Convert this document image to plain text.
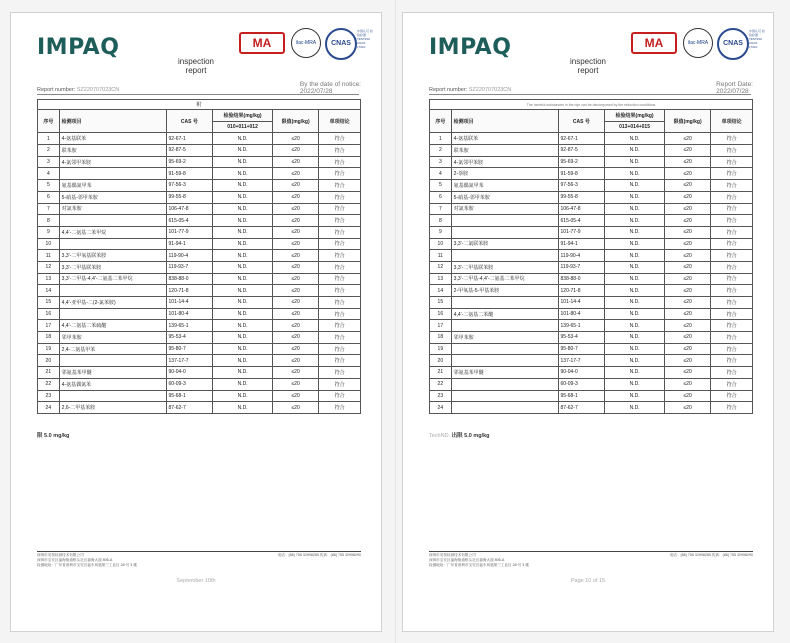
IMPAQ	MA	ilac-MRA	CNAS
中国认可 检验检测 TESTING CNAS L7610
inspection
report
Report number: SZ220707023CN
By the date of notice:
2022/07/28
附					
序号	检测项目	CAS 号	检验结果(mg/kg)	限值(mg/kg)	单项结论
			010+011+012		
1	4-氨基联苯	92-67-1	N.D.	≤20	符合
2	联苯胺	92-87-5	N.D.	≤20	符合
3	4-氯邻甲苯胺	95-69-2	N.D.	≤20	符合
4		91-59-8	N.D.	≤20	符合
5	氨基偶氮甲苯	97-56-3	N.D.	≤20	符合
6	5-硝基-邻甲苯胺	99-55-8	N.D.	≤20	符合
7	对氯苯胺	106-47-8	N.D.	≤20	符合
8		615-05-4	N.D.	≤20	符合
9	4,4'-二氨基二苯甲烷	101-77-9	N.D.	≤20	符合
10		91-94-1	N.D.	≤20	符合
11	3,3'-二甲氧基联苯胺	119-90-4	N.D.	≤20	符合
12	3,3'-二甲基联苯胺	119-93-7	N.D.	≤20	符合
13	3,3'-二甲基-4,4'-二氨基二苯甲烷	838-88-0	N.D.	≤20	符合
14		120-71-8	N.D.	≤20	符合
15	4,4'-亚甲基-二(2-氯苯胺)	101-14-4	N.D.	≤20	符合
16		101-80-4	N.D.	≤20	符合
17	4,4'-二氨基二苯硫醚	139-65-1	N.D.	≤20	符合
18	邻甲苯胺	95-53-4	N.D.	≤20	符合
19	2,4-二氨基甲苯	95-80-7	N.D.	≤20	符合
20		137-17-7	N.D.	≤20	符合
21	邻氨基苯甲醚	90-04-0	N.D.	≤20	符合
22	4-氨基偶氮苯	60-09-3	N.D.	≤20	符合
23		95-68-1	N.D.	≤20	符合
24	2,6-二甲基苯胺	87-62-7	N.D.	≤20	符合
限 5.0 mg/kg
深圳市英柏检测技术有限公司
深圳市宝安区福海街道桥头社区福海大道 806-A
检测地址：广东省深圳市宝安区福永凤凰第三工业区 28 号 3 楼
电话：(86) 755 32998280 传真：(86) 755 32998290
September 10th
IMPAQ	MA	ilac-MRA	CNAS
中国认可 检验检测 TESTING CNAS L7610
inspection
report
Report number: SZ220707023CN
Report Date:
2022/07/28
The harmful substances in the dye can be decomposed by the reduction conditions					
序号	检测项目	CAS 号	检验结果(mg/kg)	限值(mg/kg)	单项结论
			013+014+015		
1	4-氨基联苯	92-67-1	N.D.	≤20	符合
2	联苯胺	92-87-5	N.D.	≤20	符合
3	4-氯邻甲苯胺	95-69-2	N.D.	≤20	符合
4	2-萘胺	91-59-8	N.D.	≤20	符合
5	氨基偶氮甲苯	97-56-3	N.D.	≤20	符合
6	5-硝基-邻甲苯胺	99-55-8	N.D.	≤20	符合
7	对氯苯胺	106-47-8	N.D.	≤20	符合
8		615-05-4	N.D.	≤20	符合
9		101-77-9	N.D.	≤20	符合
10	3,3'-二氯联苯胺	91-94-1	N.D.	≤20	符合
11		119-90-4	N.D.	≤20	符合
12	3,3'-二甲基联苯胺	119-93-7	N.D.	≤20	符合
13	3,3'-二甲基-4,4'-二氨基二苯甲烷	838-88-0	N.D.	≤20	符合
14	2-甲氧基-5-甲基苯胺	120-71-8	N.D.	≤20	符合
15		101-14-4	N.D.	≤20	符合
16	4,4'-二氨基二苯醚	101-80-4	N.D.	≤20	符合
17		139-65-1	N.D.	≤20	符合
18	邻甲苯胺	95-53-4	N.D.	≤20	符合
19		95-80-7	N.D.	≤20	符合
20		137-17-7	N.D.	≤20	符合
21	邻氨基苯甲醚	90-04-0	N.D.	≤20	符合
22		60-09-3	N.D.	≤20	符合
23		95-68-1	N.D.	≤20	符合
24		87-62-7	N.D.	≤20	符合
TechND. 出限 5.0 mg/kg
深圳市英柏检测技术有限公司
深圳市宝安区福海街道桥头社区福海大道 806-A
检测地址：广东省深圳市宝安区福永凤凰第三工业区 28 号 3 楼
电话：(86) 755 32998280 传真：(86) 755 32998290
Page 10 of 15
